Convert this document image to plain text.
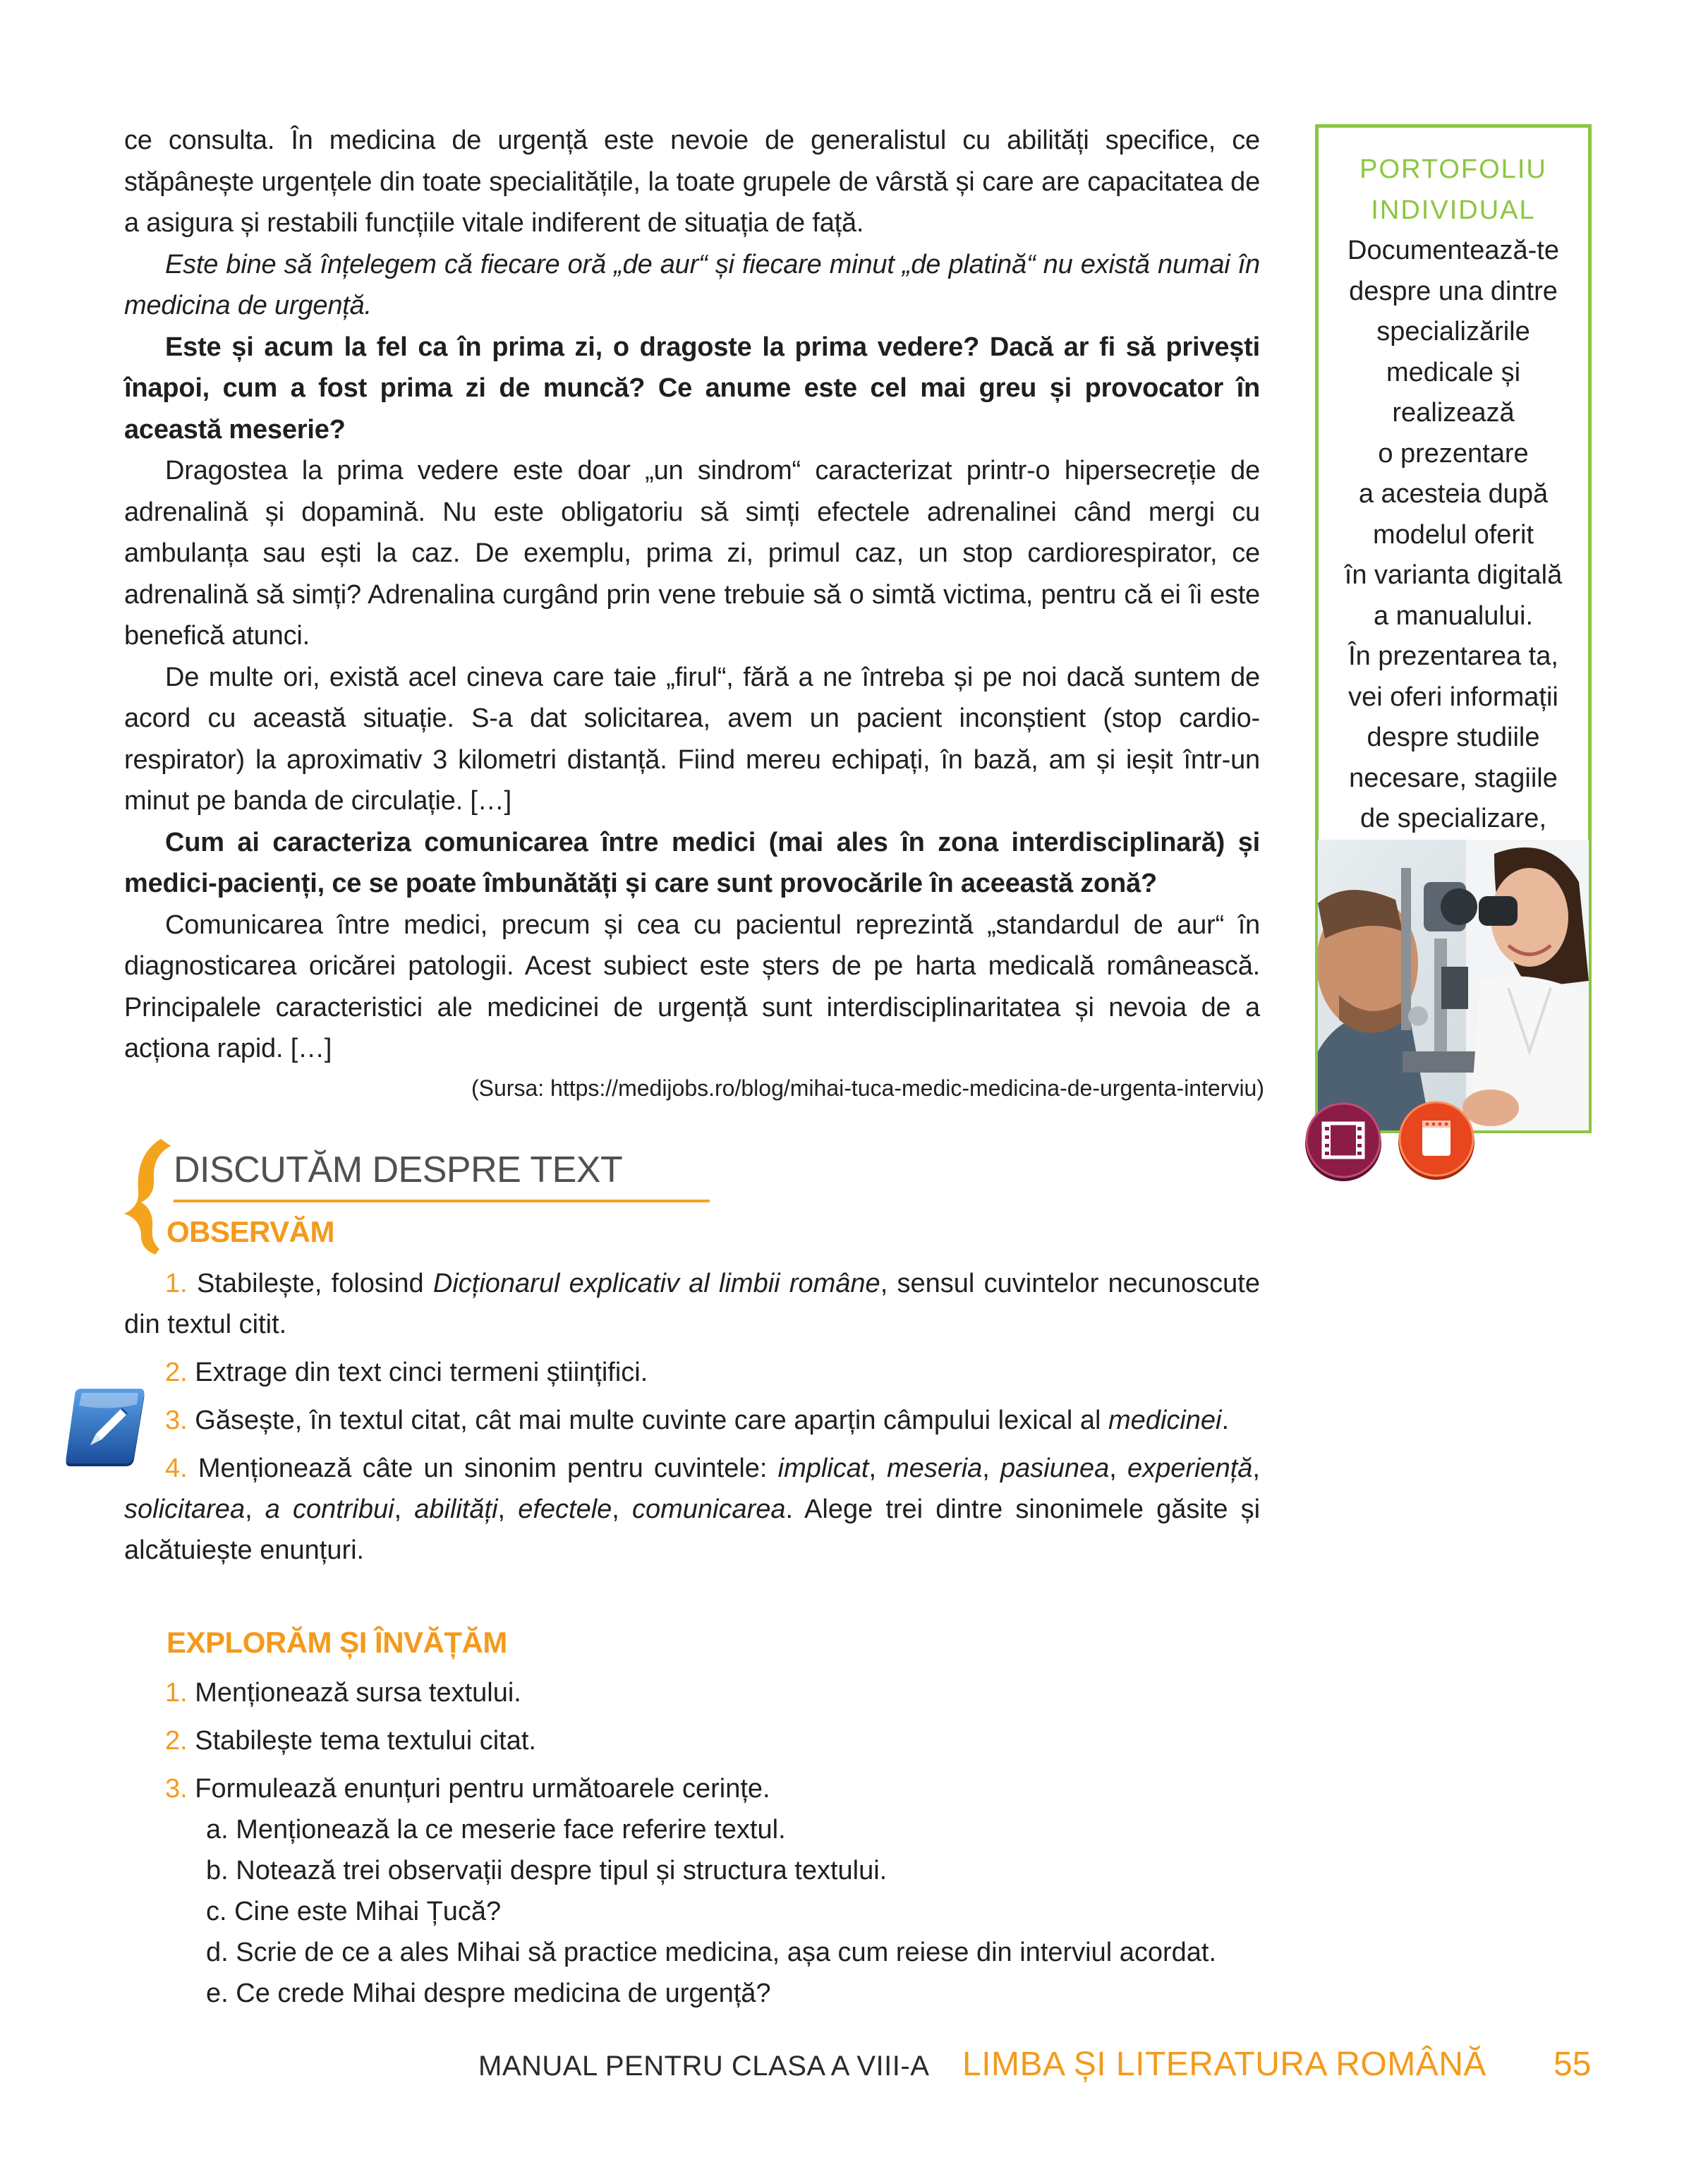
ce consulta. În medicina de urgență este nevoie de generalistul cu abilități specifice, ce stăpânește urgențele din toate specialitățile, la toate grupele de vârstă și care are capacitatea de a asigura și restabili funcțiile vitale indiferent de situația de față.

Este bine să înțelegem că fiecare oră „de aur“ și fiecare minut „de platină“ nu există numai în medicina de urgență.

Este și acum la fel ca în prima zi, o dragoste la prima vedere? Dacă ar fi să privești înapoi, cum a fost prima zi de muncă? Ce anume este cel mai greu și provocator în această meserie?

Dragostea la prima vedere este doar „un sindrom“ caracterizat printr-o hipersecreție de adrenalină și dopamină. Nu este obligatoriu să simți efectele adrenalinei când mergi cu ambulanța sau ești la caz. De exemplu, prima zi, primul caz, un stop cardiorespirator, ce adrenalină să simți? Adrenalina curgând prin vene trebuie să o simtă victima, pentru că ei îi este benefică atunci.

De multe ori, există acel cineva care taie „firul“, fără a ne întreba și pe noi dacă suntem de acord cu această situație. S-a dat solicitarea, avem un pacient inconștient (stop cardio-respirator) la aproximativ 3 kilometri distanță. Fiind mereu echipați, în bază, am și ieșit într-un minut pe banda de circulație. […]

Cum ai caracteriza comunicarea între medici (mai ales în zona interdisciplinară) și medici-pacienți, ce se poate îmbunătăți și care sunt provocările în aceeastă zonă?

Comunicarea între medici, precum și cea cu pacientul reprezintă „standardul de aur“ în diagnosticarea oricărei patologii. Acest subiect este șters de pe harta medicală românească. Principalele caracteristici ale medicinei de urgență sunt interdisciplinaritatea și nevoia de a acționa rapid. […]

(Sursa: https://medijobs.ro/blog/mihai-tuca-medic-medicina-de-urgenta-interviu)

PORTOFOLIU
INDIVIDUAL
Documentează-te
despre una dintre
specializările
medicale și realizează
o prezentare
a acesteia după
modelul oferit
în varianta digitală
a manualului.
În prezentarea ta,
vei oferi informații
despre studiile
necesare, stagiile
de specializare,
DISCUTĂM DESPRE TEXT
OBSERVĂM

1. Stabilește, folosind Dicționarul explicativ al limbii române, sensul cuvintelor necunoscute din textul citit.

2. Extrage din text cinci termeni științifici.

3. Găsește, în textul citat, cât mai multe cuvinte care aparțin câmpului lexical al medicinei.

4. Menționează câte un sinonim pentru cuvintele: implicat, meseria, pasiunea, experiență, solicitarea, a contribui, abilități, efectele, comunicarea. Alege trei dintre sinonimele găsite și alcătuiește enunțuri.

EXPLORĂM ȘI ÎNVĂȚĂM

1. Menționează sursa textului.

2. Stabilește tema textului citat.

3. Formulează enunțuri pentru următoarele cerințe.

a. Menționează la ce meserie face referire textul.

b. Notează trei observații despre tipul și structura textului.

c. Cine este Mihai Țucă?

d. Scrie de ce a ales Mihai să practice medicina, așa cum reiese din interviul acordat.

e. Ce crede Mihai despre medicina de urgență?

MANUAL PENTRU CLASA A VIII-A LIMBA ȘI LITERATURA ROMÂNĂ 55
